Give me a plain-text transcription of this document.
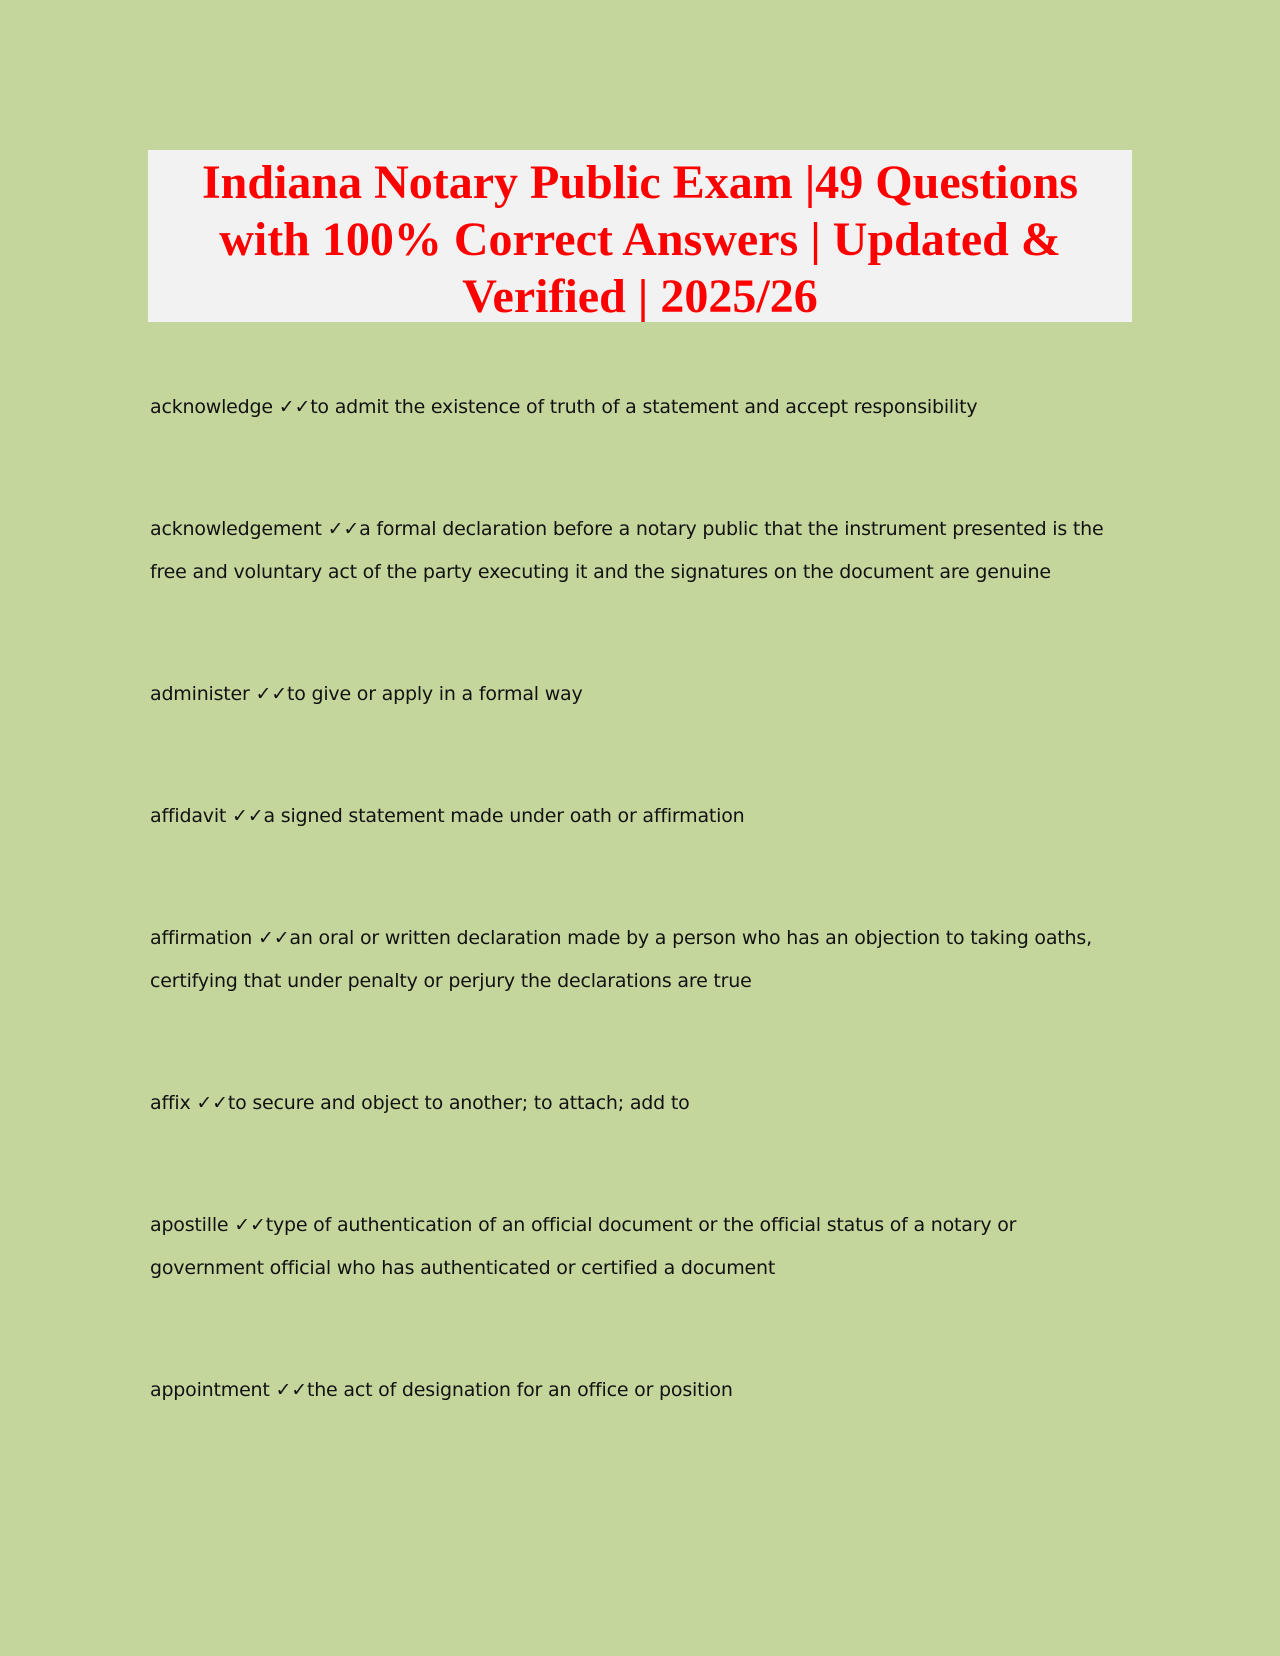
Indiana Notary Public Exam |49 Questions with 100% Correct Answers | Updated & Verified | 2025/26

acknowledge ✓✓to admit the existence of truth of a statement and accept responsibility

acknowledgement ✓✓a formal declaration before a notary public that the instrument presented is the free and voluntary act of the party executing it and the signatures on the document are genuine

administer ✓✓to give or apply in a formal way

affidavit ✓✓a signed statement made under oath or affirmation

affirmation ✓✓an oral or written declaration made by a person who has an objection to taking oaths, certifying that under penalty or perjury the declarations are true

affix ✓✓to secure and object to another; to attach; add to

apostille ✓✓type of authentication of an official document or the official status of a notary or government official who has authenticated or certified a document

appointment ✓✓the act of designation for an office or position
